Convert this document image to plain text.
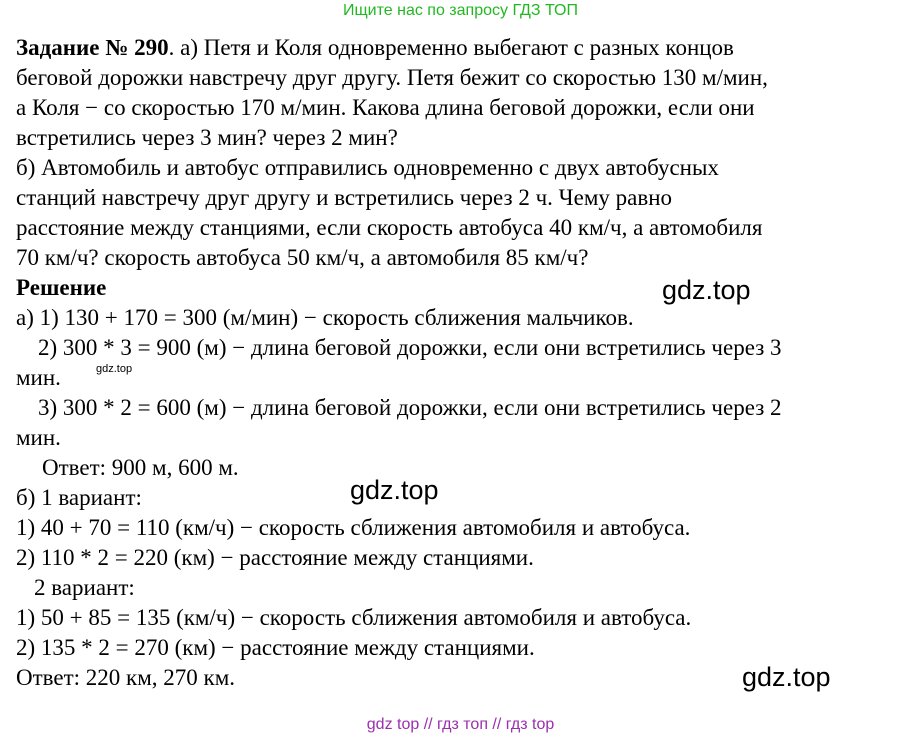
Ищите нас по запросу ГДЗ ТОП
Задание № 290. а) Петя и Коля одновременно выбегают с разных концов
беговой дорожки навстречу друг другу. Петя бежит со скоростью 130 м/мин,
а Коля − со скоростью 170 м/мин. Какова длина беговой дорожки, если они
встретились через 3 мин? через 2 мин?
б) Автомобиль и автобус отправились одновременно с двух автобусных
станций навстречу друг другу и встретились через 2 ч. Чему равно
расстояние между станциями, если скорость автобуса 40 км/ч, а автомобиля
70 км/ч? скорость автобуса 50 км/ч, а автомобиля 85 км/ч?
Решение
а) 1) 130 + 170 = 300 (м/мин) − скорость сближения мальчиков.
2) 300 * 3 = 900 (м) − длина беговой дорожки, если они встретились через 3
мин.
3) 300 * 2 = 600 (м) − длина беговой дорожки, если они встретились через 2
мин.
Ответ: 900 м, 600 м.
б) 1 вариант:
1) 40 + 70 = 110 (км/ч) − скорость сближения автомобиля и автобуса.
2) 110 * 2 = 220 (км) − расстояние между станциями.
2 вариант:
1) 50 + 85 = 135 (км/ч) − скорость сближения автомобиля и автобуса.
2) 135 * 2 = 270 (км) − расстояние между станциями.
Ответ: 220 км, 270 км.
gdz.top
gdz.top
gdz.top
gdz.top
gdz top // гдз топ // гдз top
